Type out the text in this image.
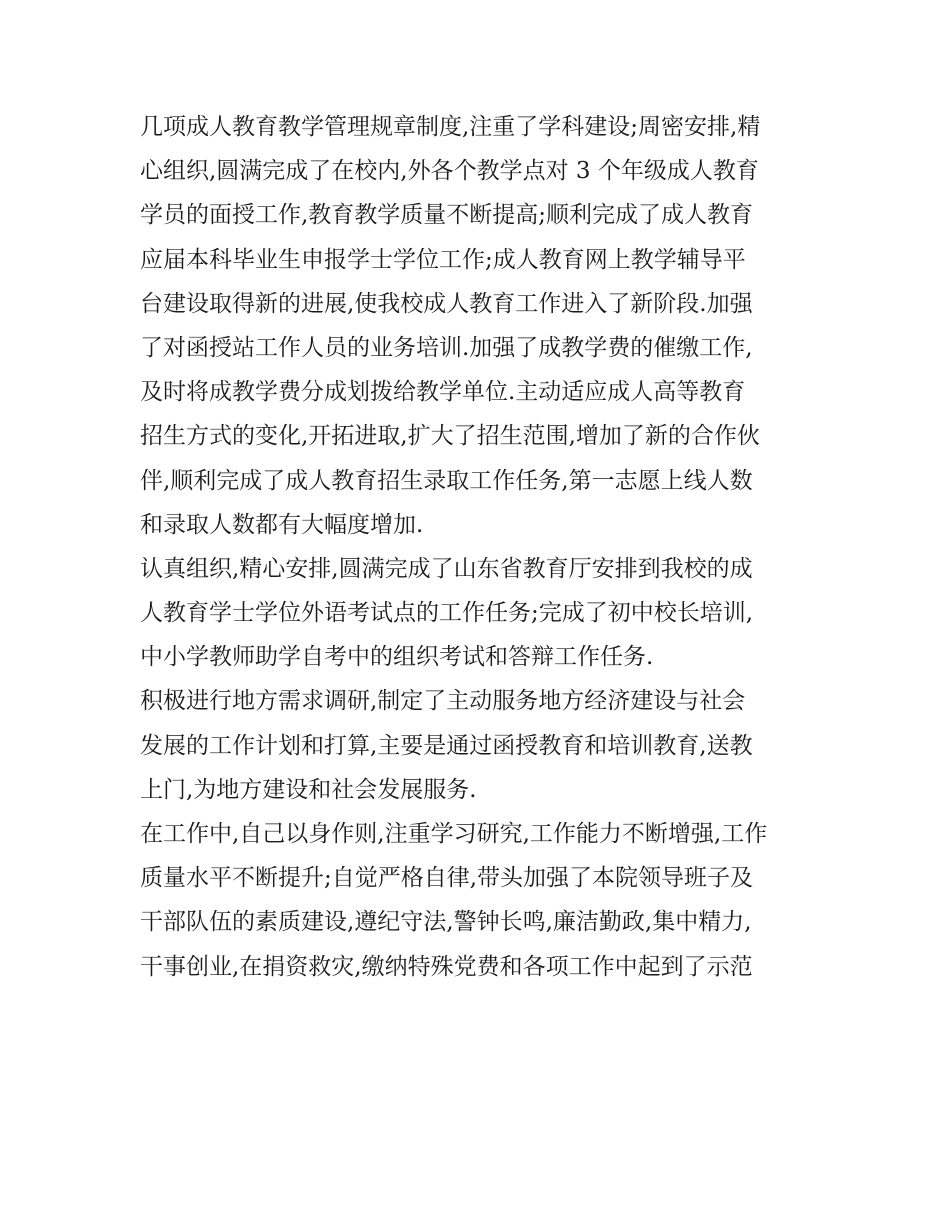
几项成人教育教学管理规章制度,注重了学科建设;周密安排,精
心组织,圆满完成了在校内,外各个教学点对 3 个年级成人教育
学员的面授工作,教育教学质量不断提高;顺利完成了成人教育
应届本科毕业生申报学士学位工作;成人教育网上教学辅导平
台建设取得新的进展,使我校成人教育工作进入了新阶段.加强
了对函授站工作人员的业务培训.加强了成教学费的催缴工作,
及时将成教学费分成划拨给教学单位.主动适应成人高等教育
招生方式的变化,开拓进取,扩大了招生范围,增加了新的合作伙
伴,顺利完成了成人教育招生录取工作任务,第一志愿上线人数
和录取人数都有大幅度增加.
认真组织,精心安排,圆满完成了山东省教育厅安排到我校的成
人教育学士学位外语考试点的工作任务;完成了初中校长培训,
中小学教师助学自考中的组织考试和答辩工作任务.
积极进行地方需求调研,制定了主动服务地方经济建设与社会
发展的工作计划和打算,主要是通过函授教育和培训教育,送教
上门,为地方建设和社会发展服务.
在工作中,自己以身作则,注重学习研究,工作能力不断增强,工作
质量水平不断提升;自觉严格自律,带头加强了本院领导班子及
干部队伍的素质建设,遵纪守法,警钟长鸣,廉洁勤政,集中精力,
干事创业,在捐资救灾,缴纳特殊党费和各项工作中起到了示范
